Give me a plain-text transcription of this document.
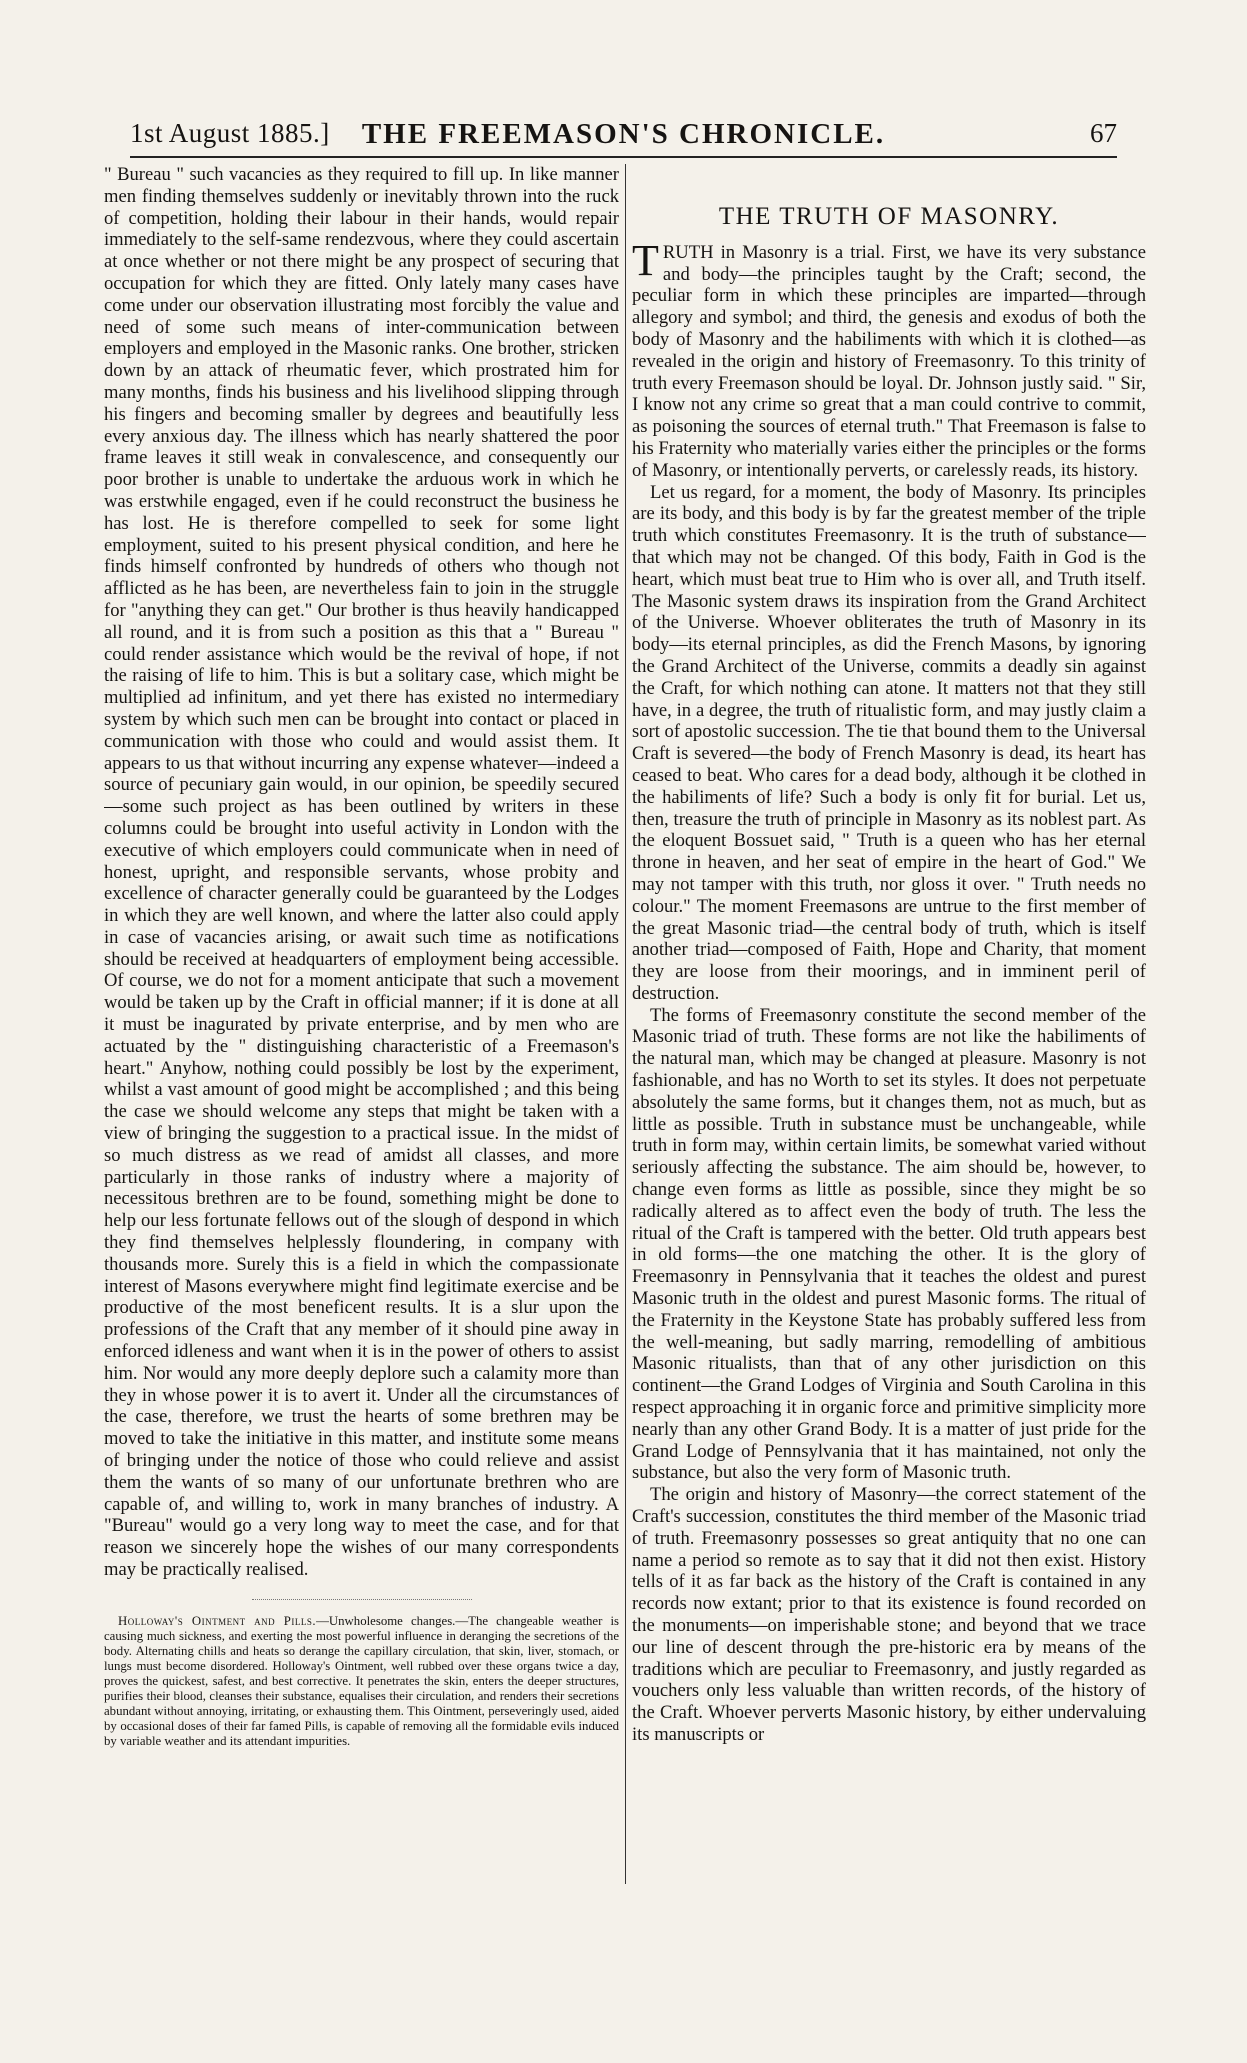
1st August 1885.]	THE FREEMASON'S CHRONICLE.	67

" Bureau " such vacancies as they required to fill up. In like manner men finding themselves suddenly or inevitably thrown into the ruck of competition, holding their labour in their hands, would repair immediately to the self-same rendezvous, where they could ascertain at once whether or not there might be any prospect of securing that occupation for which they are fitted. Only lately many cases have come under our observation illustrating most forcibly the value and need of some such means of inter-communication between employers and employed in the Masonic ranks. One brother, stricken down by an attack of rheumatic fever, which prostrated him for many months, finds his business and his livelihood slipping through his fingers and becoming smaller by degrees and beautifully less every anxious day. The illness which has nearly shattered the poor frame leaves it still weak in convalescence, and consequently our poor brother is unable to undertake the arduous work in which he was erstwhile engaged, even if he could reconstruct the business he has lost. He is therefore compelled to seek for some light employment, suited to his present physical condition, and here he finds himself confronted by hundreds of others who though not afflicted as he has been, are nevertheless fain to join in the struggle for "anything they can get." Our brother is thus heavily handicapped all round, and it is from such a position as this that a " Bureau " could render assistance which would be the revival of hope, if not the raising of life to him. This is but a solitary case, which might be multiplied ad infinitum, and yet there has existed no intermediary system by which such men can be brought into contact or placed in communication with those who could and would assist them. It appears to us that without incurring any expense whatever—indeed a source of pecuniary gain would, in our opinion, be speedily secured—some such project as has been outlined by writers in these columns could be brought into useful activity in London with the executive of which employers could communicate when in need of honest, upright, and responsible servants, whose probity and excellence of character generally could be guaranteed by the Lodges in which they are well known, and where the latter also could apply in case of vacancies arising, or await such time as notifications should be received at headquarters of employment being accessible. Of course, we do not for a moment anticipate that such a movement would be taken up by the Craft in official manner; if it is done at all it must be inagurated by private enterprise, and by men who are actuated by the " distinguishing characteristic of a Freemason's heart." Anyhow, nothing could possibly be lost by the experiment, whilst a vast amount of good might be accomplished ; and this being the case we should welcome any steps that might be taken with a view of bringing the suggestion to a practical issue. In the midst of so much distress as we read of amidst all classes, and more particularly in those ranks of industry where a majority of necessitous brethren are to be found, something might be done to help our less fortunate fellows out of the slough of despond in which they find themselves helplessly floundering, in company with thousands more. Surely this is a field in which the compassionate interest of Masons everywhere might find legitimate exercise and be productive of the most beneficent results. It is a slur upon the professions of the Craft that any member of it should pine away in enforced idleness and want when it is in the power of others to assist him. Nor would any more deeply deplore such a calamity more than they in whose power it is to avert it. Under all the circumstances of the case, therefore, we trust the hearts of some brethren may be moved to take the initiative in this matter, and institute some means of bringing under the notice of those who could relieve and assist them the wants of so many of our unfortunate brethren who are capable of, and willing to, work in many branches of industry. A "Bureau" would go a very long way to meet the case, and for that reason we sincerely hope the wishes of our many correspondents may be practically realised.

Holloway's Ointment and Pills.—Unwholesome changes.—The changeable weather is causing much sickness, and exerting the most powerful influence in deranging the secretions of the body. Alternating chills and heats so derange the capillary circulation, that skin, liver, stomach, or lungs must become disordered. Holloway's Ointment, well rubbed over these organs twice a day, proves the quickest, safest, and best corrective. It penetrates the skin, enters the deeper structures, purifies their blood, cleanses their substance, equalises their circulation, and renders their secretions abundant without annoying, irritating, or exhausting them. This Ointment, perseveringly used, aided by occasional doses of their far famed Pills, is capable of removing all the formidable evils induced by variable weather and its attendant impurities.

THE TRUTH OF MASONRY.

TRUTH in Masonry is a trial. First, we have its very substance and body—the principles taught by the Craft; second, the peculiar form in which these principles are imparted—through allegory and symbol; and third, the genesis and exodus of both the body of Masonry and the habiliments with which it is clothed—as revealed in the origin and history of Freemasonry. To this trinity of truth every Freemason should be loyal. Dr. Johnson justly said. " Sir, I know not any crime so great that a man could contrive to commit, as poisoning the sources of eternal truth." That Freemason is false to his Fraternity who materially varies either the principles or the forms of Masonry, or intentionally perverts, or carelessly reads, its history.

Let us regard, for a moment, the body of Masonry. Its principles are its body, and this body is by far the greatest member of the triple truth which constitutes Freemasonry. It is the truth of substance—that which may not be changed. Of this body, Faith in God is the heart, which must beat true to Him who is over all, and Truth itself. The Masonic system draws its inspiration from the Grand Architect of the Universe. Whoever obliterates the truth of Masonry in its body—its eternal principles, as did the French Masons, by ignoring the Grand Architect of the Universe, commits a deadly sin against the Craft, for which nothing can atone. It matters not that they still have, in a degree, the truth of ritualistic form, and may justly claim a sort of apostolic succession. The tie that bound them to the Universal Craft is severed—the body of French Masonry is dead, its heart has ceased to beat. Who cares for a dead body, although it be clothed in the habiliments of life? Such a body is only fit for burial. Let us, then, treasure the truth of principle in Masonry as its noblest part. As the eloquent Bossuet said, " Truth is a queen who has her eternal throne in heaven, and her seat of empire in the heart of God." We may not tamper with this truth, nor gloss it over. " Truth needs no colour." The moment Freemasons are untrue to the first member of the great Masonic triad—the central body of truth, which is itself another triad—composed of Faith, Hope and Charity, that moment they are loose from their moorings, and in imminent peril of destruction.

The forms of Freemasonry constitute the second member of the Masonic triad of truth. These forms are not like the habiliments of the natural man, which may be changed at pleasure. Masonry is not fashionable, and has no Worth to set its styles. It does not perpetuate absolutely the same forms, but it changes them, not as much, but as little as possible. Truth in substance must be unchangeable, while truth in form may, within certain limits, be somewhat varied without seriously affecting the substance. The aim should be, however, to change even forms as little as possible, since they might be so radically altered as to affect even the body of truth. The less the ritual of the Craft is tampered with the better. Old truth appears best in old forms—the one matching the other. It is the glory of Freemasonry in Pennsylvania that it teaches the oldest and purest Masonic truth in the oldest and purest Masonic forms. The ritual of the Fraternity in the Keystone State has probably suffered less from the well-meaning, but sadly marring, remodelling of ambitious Masonic ritualists, than that of any other jurisdiction on this continent—the Grand Lodges of Virginia and South Carolina in this respect approaching it in organic force and primitive simplicity more nearly than any other Grand Body. It is a matter of just pride for the Grand Lodge of Pennsylvania that it has maintained, not only the substance, but also the very form of Masonic truth.

The origin and history of Masonry—the correct statement of the Craft's succession, constitutes the third member of the Masonic triad of truth. Freemasonry possesses so great antiquity that no one can name a period so remote as to say that it did not then exist. History tells of it as far back as the history of the Craft is contained in any records now extant; prior to that its existence is found recorded on the monuments—on imperishable stone; and beyond that we trace our line of descent through the pre-historic era by means of the traditions which are peculiar to Freemasonry, and justly regarded as vouchers only less valuable than written records, of the history of the Craft. Whoever perverts Masonic history, by either undervaluing its manuscripts or
